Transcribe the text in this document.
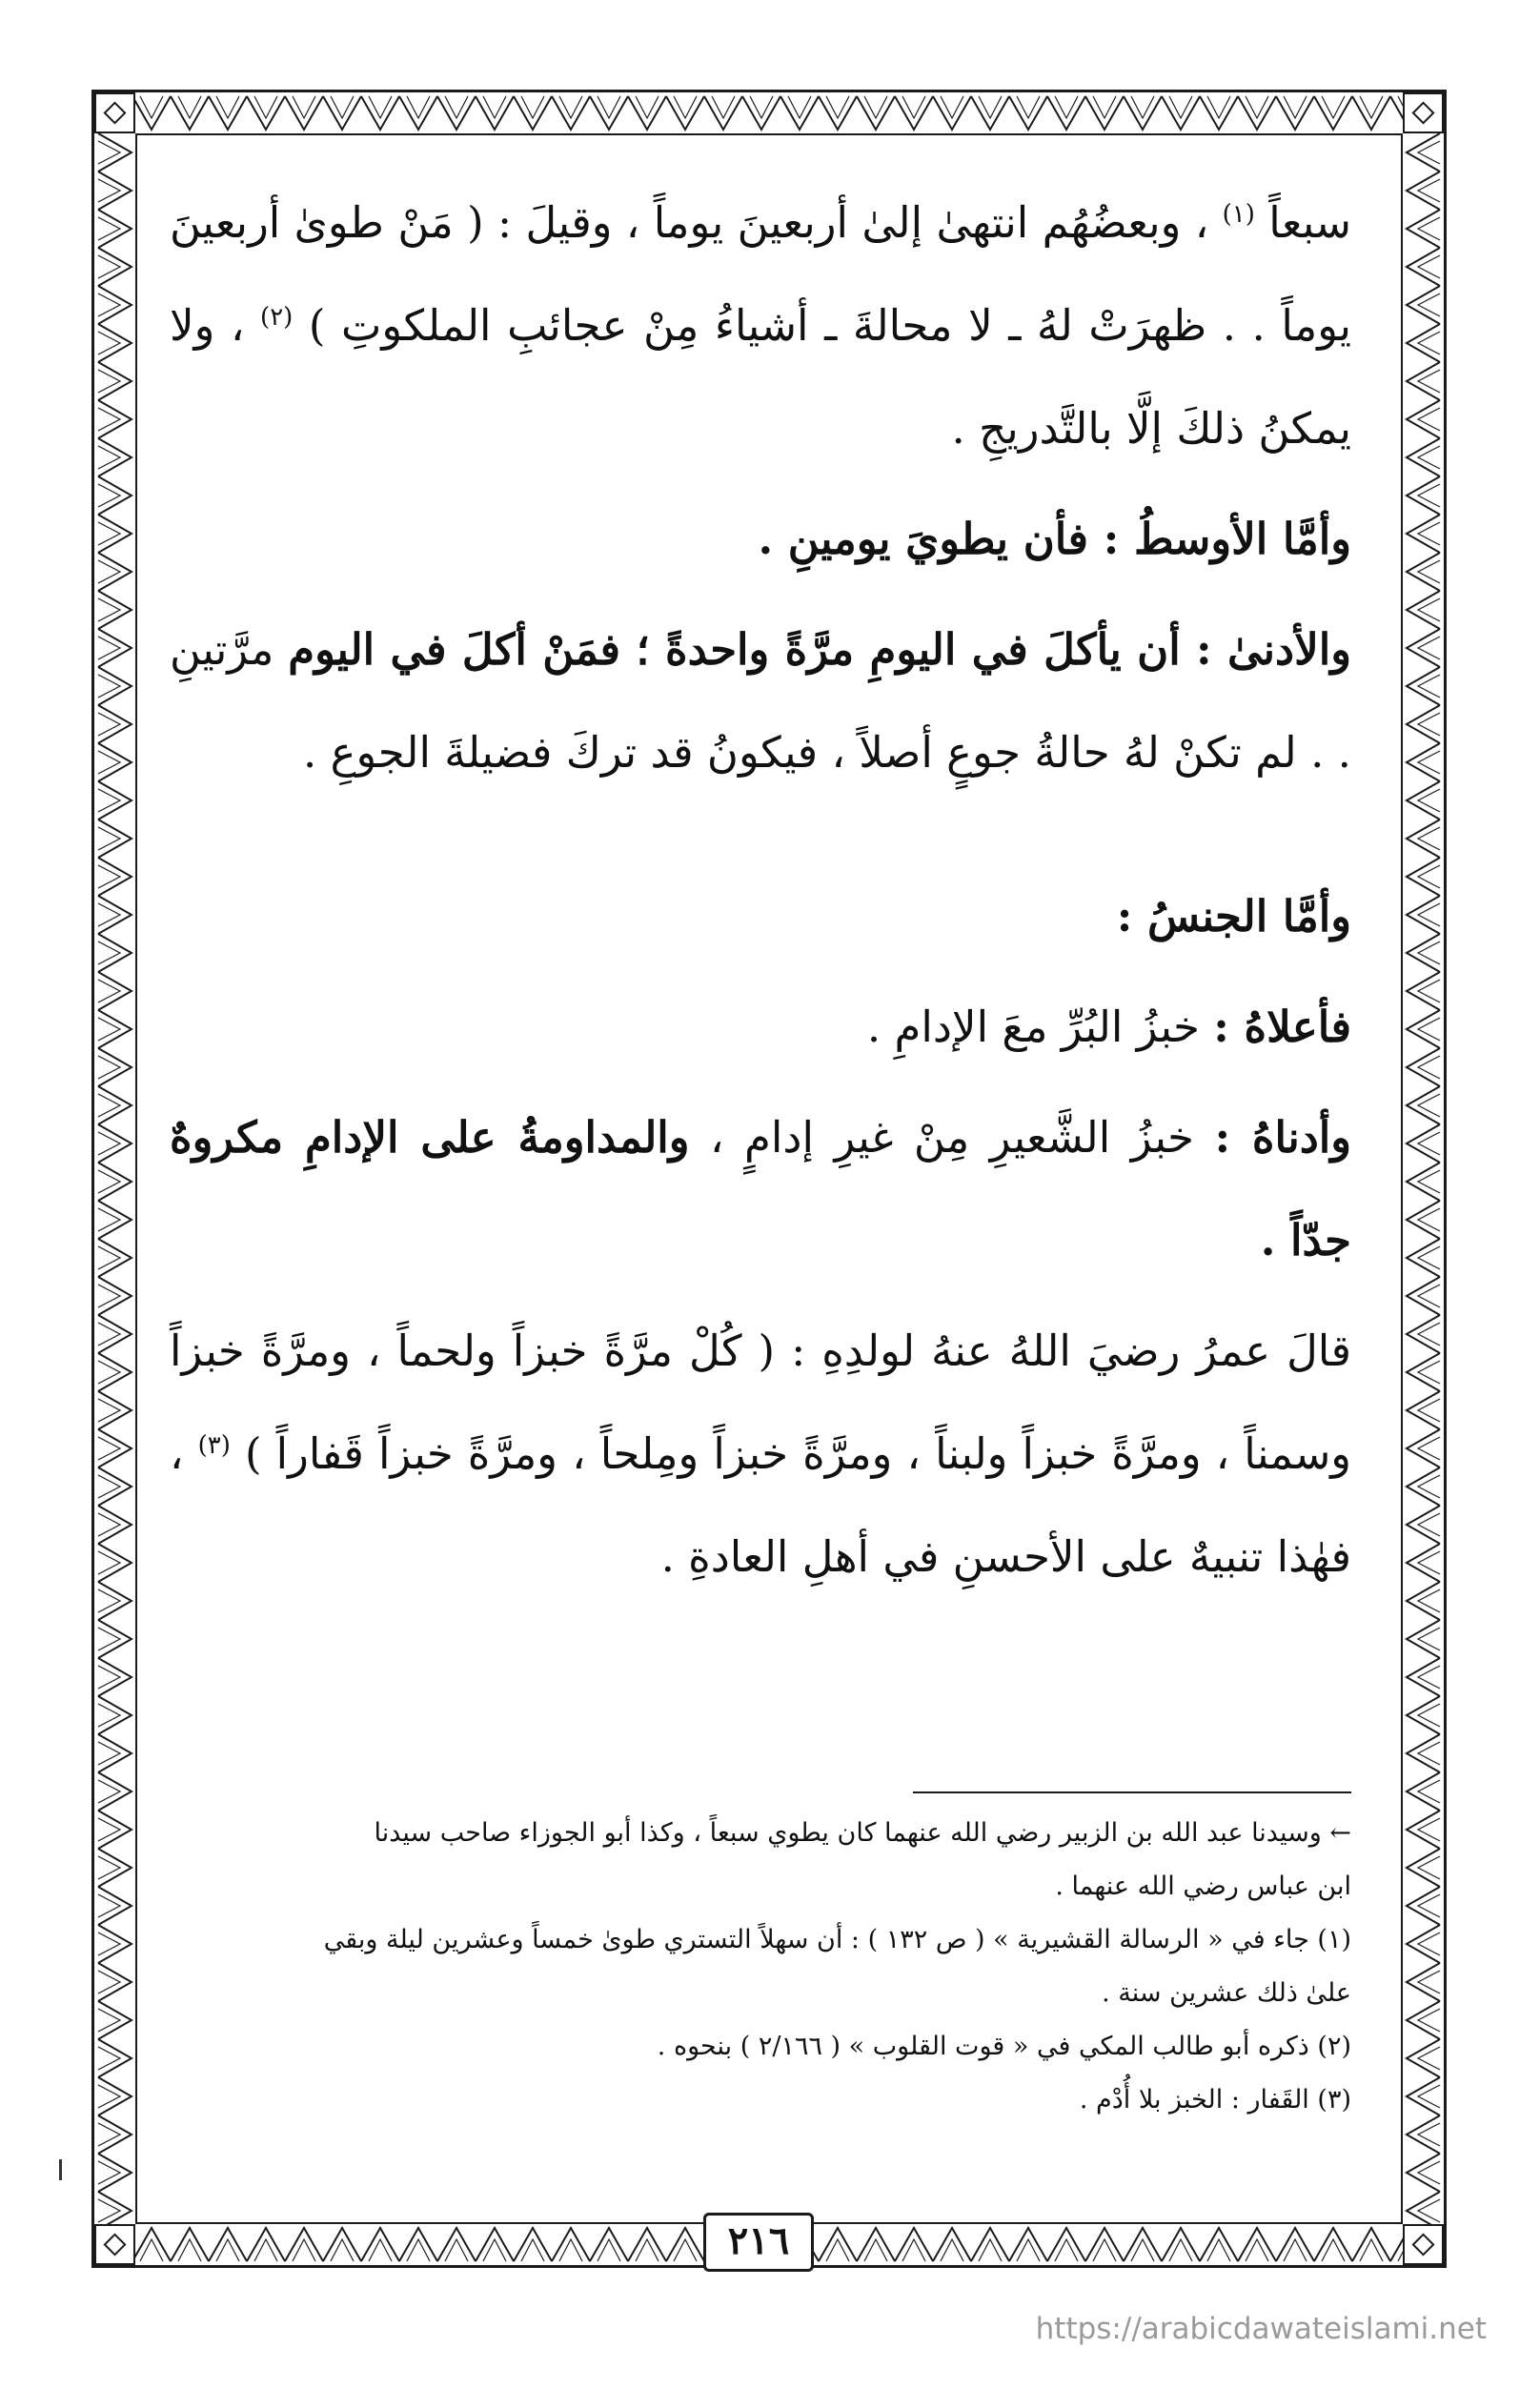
سبعاً $^{(١)}$ ، وبعضُهُم انتهىٰ إلىٰ أربعينَ يوماً ، وقيلَ : ( مَنْ طوىٰ أربعينَ يوماً . . ظهرَتْ لهُ ـ لا محالةَ ـ أشياءُ مِنْ عجائبِ الملكوتِ ) $^{(٢)}$ ، ولا يمكنُ ذلكَ إلَّا بالتَّدريجِ .

وأمَّا الأوسطُ : فأن يطويَ يومينِ .

والأدنىٰ : أن يأكلَ في اليومِ مرَّةً واحدةً ؛ فمَنْ أكلَ في اليوم مرَّتينِ . . لم تكنْ لهُ حالةُ جوعٍ أصلاً ، فيكونُ قد تركَ فضيلةَ الجوعِ .

وأمَّا الجنسُ :

فأعلاهُ : خبزُ البُرِّ معَ الإدامِ .

وأدناهُ : خبزُ الشَّعيرِ مِنْ غيرِ إدامٍ ، والمداومةُ على الإدامِ مكروهٌ جدّاً .

قالَ عمرُ رضيَ اللهُ عنهُ لولدِهِ : ( كُلْ مرَّةً خبزاً ولحماً ، ومرَّةً خبزاً وسمناً ، ومرَّةً خبزاً ولبناً ، ومرَّةً خبزاً ومِلحاً ، ومرَّةً خبزاً قَفاراً ) $^{(٣)}$ ، فهٰذا تنبيهٌ على الأحسنِ في أهلِ العادةِ .

← وسيدنا عبد الله بن الزبير رضي الله عنهما كان يطوي سبعاً ، وكذا أبو الجوزاء صاحب سيدنا

ابن عباس رضي الله عنهما .

(١) جاء في « الرسالة القشيرية » ( ص ١٣٢ ) : أن سهلاً التستري طوىٰ خمساً وعشرين ليلة وبقي

علىٰ ذلك عشرين سنة .

(٢) ذكره أبو طالب المكي في « قوت القلوب » ( ٢/١٦٦ ) بنحوه .

(٣) القَفار : الخبز بلا أُدْم .

٢١٦
https://arabicdawateislami.net
